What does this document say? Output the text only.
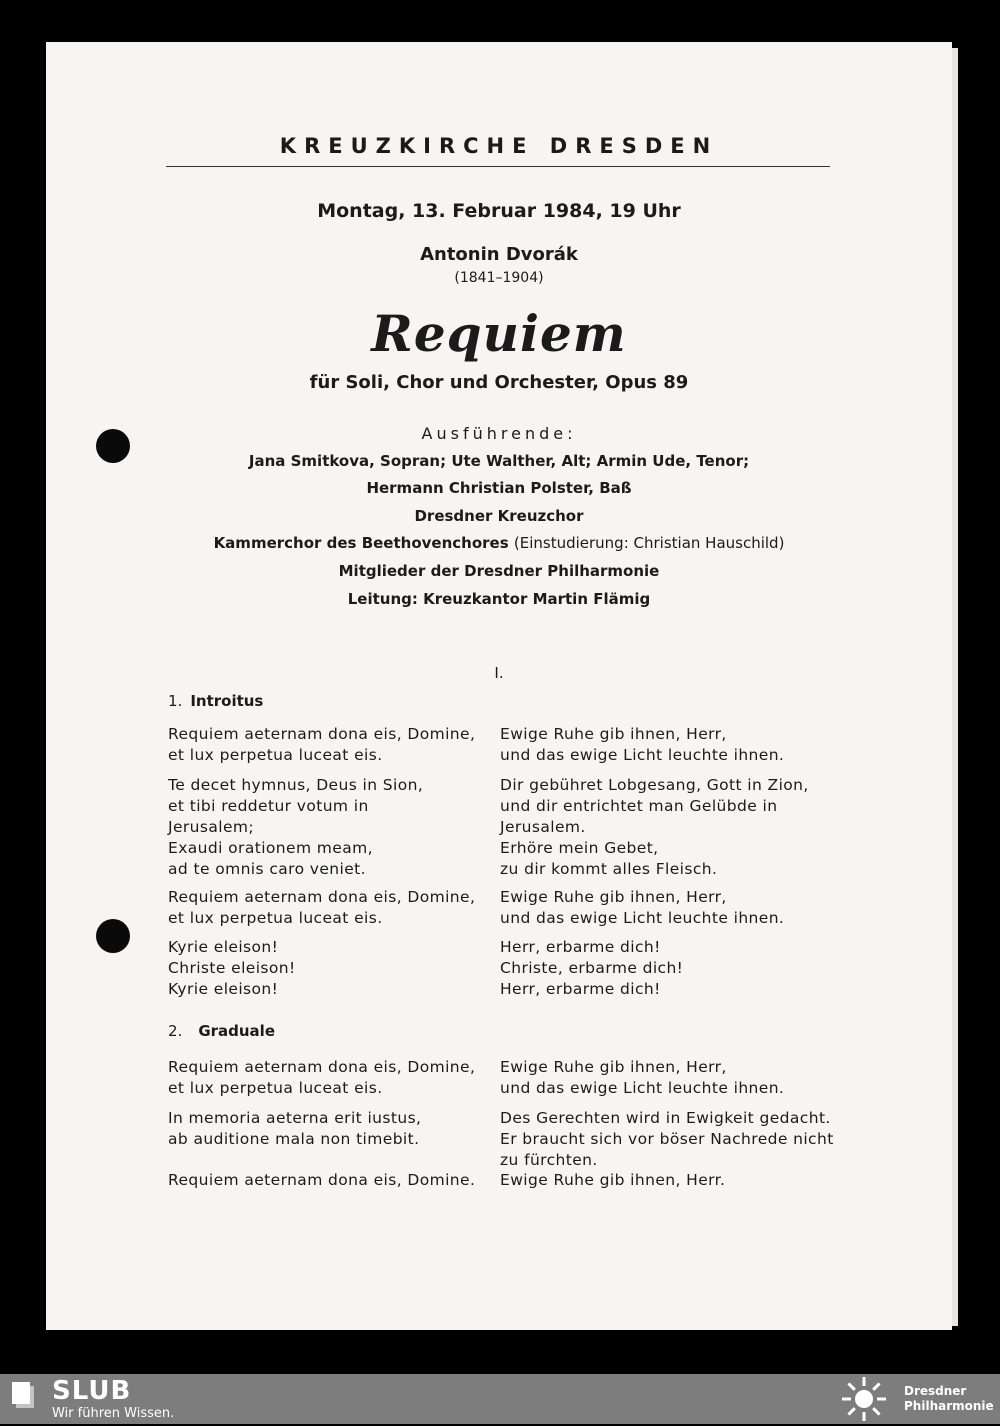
KREUZKIRCHE DRESDEN
Montag, 13. Februar 1984, 19 Uhr
Antonin Dvorák
(1841–1904)
Requiem
für Soli, Chor und Orchester, Opus 89
Ausführende:
Jana Smitkova, Sopran; Ute Walther, Alt; Armin Ude, Tenor;
Hermann Christian Polster, Baß
Dresdner Kreuzchor
Kammerchor des Beethovenchores (Einstudierung: Christian Hauschild)
Mitglieder der Dresdner Philharmonie
Leitung: Kreuzkantor Martin Flämig
I.
1. Introitus
Requiem aeternam dona eis, Domine,
et lux perpetua luceat eis.
Ewige Ruhe gib ihnen, Herr,
und das ewige Licht leuchte ihnen.
Te decet hymnus, Deus in Sion,
et tibi reddetur votum in
Jerusalem;
Exaudi orationem meam,
ad te omnis caro veniet.
Dir gebühret Lobgesang, Gott in Zion,
und dir entrichtet man Gelübde in
Jerusalem.
Erhöre mein Gebet,
zu dir kommt alles Fleisch.
Requiem aeternam dona eis, Domine,
et lux perpetua luceat eis.
Ewige Ruhe gib ihnen, Herr,
und das ewige Licht leuchte ihnen.
Kyrie eleison!
Christe eleison!
Kyrie eleison!
Herr, erbarme dich!
Christe, erbarme dich!
Herr, erbarme dich!
2. Graduale
Requiem aeternam dona eis, Domine,
et lux perpetua luceat eis.
Ewige Ruhe gib ihnen, Herr,
und das ewige Licht leuchte ihnen.
In memoria aeterna erit iustus,
ab auditione mala non timebit.
Des Gerechten wird in Ewigkeit gedacht.
Er braucht sich vor böser Nachrede nicht
zu fürchten.
Requiem aeternam dona eis, Domine. Ewige Ruhe gib ihnen, Herr.
SLUB
Wir führen Wissen.
Dresdner
Philharmonie
